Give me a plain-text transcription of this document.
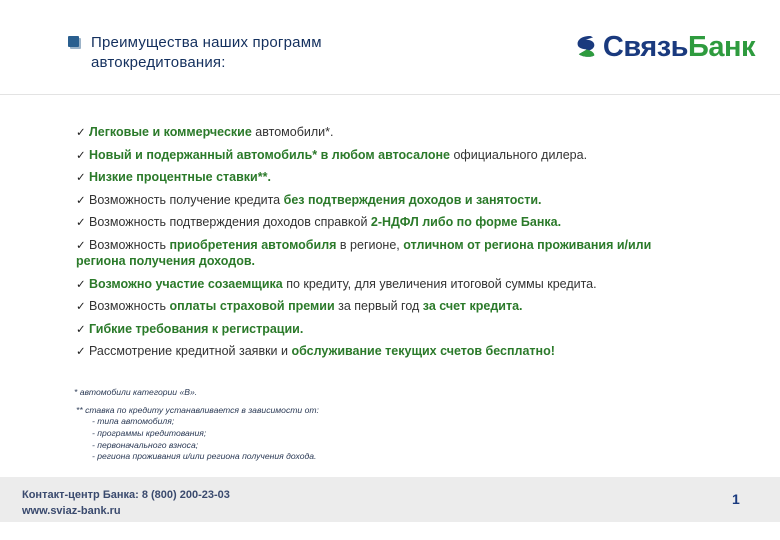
Преимущества наших программ
автокредитования:	СвязьБанк
✓ Легковые и коммерческие автомобили*.
✓ Новый и подержанный автомобиль* в любом автосалоне официального дилера.
✓ Низкие процентные ставки**.
✓ Возможность получение кредита без подтверждения доходов и занятости.
✓ Возможность подтверждения доходов справкой 2-НДФЛ либо по форме Банка.
✓ Возможность приобретения автомобиля в регионе, отличном от региона проживания и/или региона получения доходов.
✓ Возможно участие созаемщика по кредиту, для увеличения итоговой суммы кредита.
✓ Возможность оплаты страховой премии за первый год за счет кредита.
✓ Гибкие требования к регистрации.
✓ Рассмотрение кредитной заявки и обслуживание текущих счетов бесплатно!
* автомобили категории «В».
** ставка по кредиту устанавливается в зависимости от:
- типа автомобиля;
- программы кредитования;
- первоначального взноса;
- региона проживания и/или региона получения дохода.
Контакт-центр Банка: 8 (800) 200-23-03
www.sviaz-bank.ru
1
